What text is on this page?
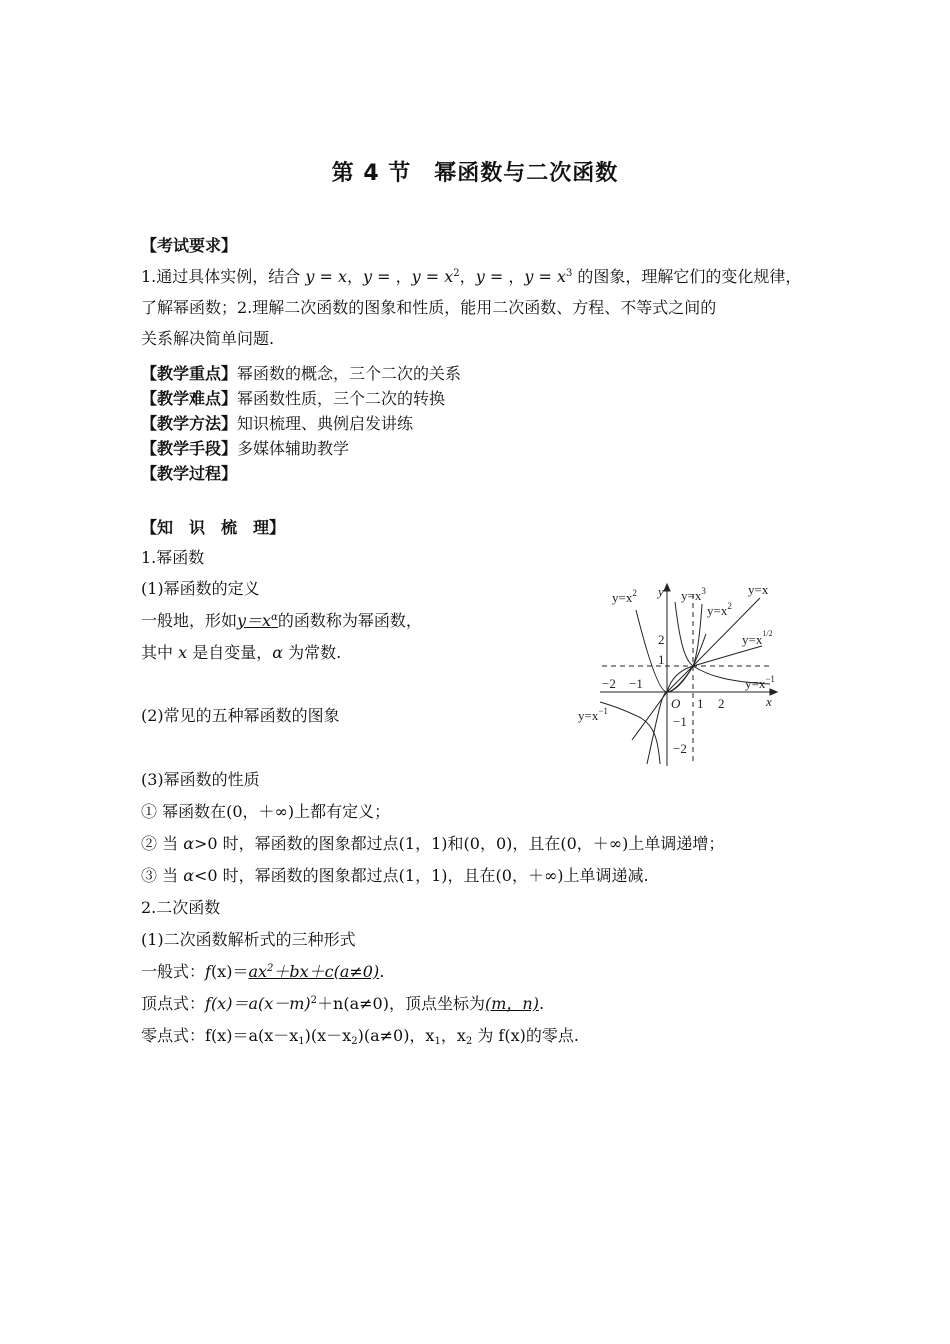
第 4 节　幂函数与二次函数
【考试要求】
1.通过具体实例，结合 y = x，y = ，$y = x^2$，y = ，$y = x^3$ 的图象，理解它们的变化规律，
了解幂函数；2.理解二次函数的图象和性质，能用二次函数、方程、不等式之间的
关系解决简单问题.
【教学重点】幂函数的概念，三个二次的关系
【教学难点】幂函数性质，三个二次的转换
【教学方法】知识梳理、典例启发讲练
【教学手段】多媒体辅助教学
【教学过程】
【知　识　梳　理】
1.幂函数
(1)幂函数的定义
一般地，形如$y=x^\alpha$的函数称为幂函数，
其中 x 是自变量，α 为常数.
(2)常见的五种幂函数的图象
(3)幂函数的性质
① 幂函数在(0，＋∞)上都有定义；
② 当 α>0 时，幂函数的图象都过点(1，1)和(0，0)，且在(0，＋∞)上单调递增；
③ 当 α<0 时，幂函数的图象都过点(1，1)，且在(0，＋∞)上单调递减.
2.二次函数
(1)二次函数解析式的三种形式
一般式：$f(x)=ax^2+bx+c(a\ne 0)$.
顶点式：$f(x)=a(x-m)^2+n(a\ne 0)$，顶点坐标为(m，n).
零点式：$f(x)=a(x-x_1)(x-x_2)(a\ne 0)$，$x_1$，$x_2$ 为 f(x)的零点.
$y=x^2$	$y=x^3$	y=x
$y=x^2$
$y=x^{1/2}$
$y=x^{-1}$
$y=x^{-1}$
y
x
O
−2 −1
1 2
2
1
−1
−2
